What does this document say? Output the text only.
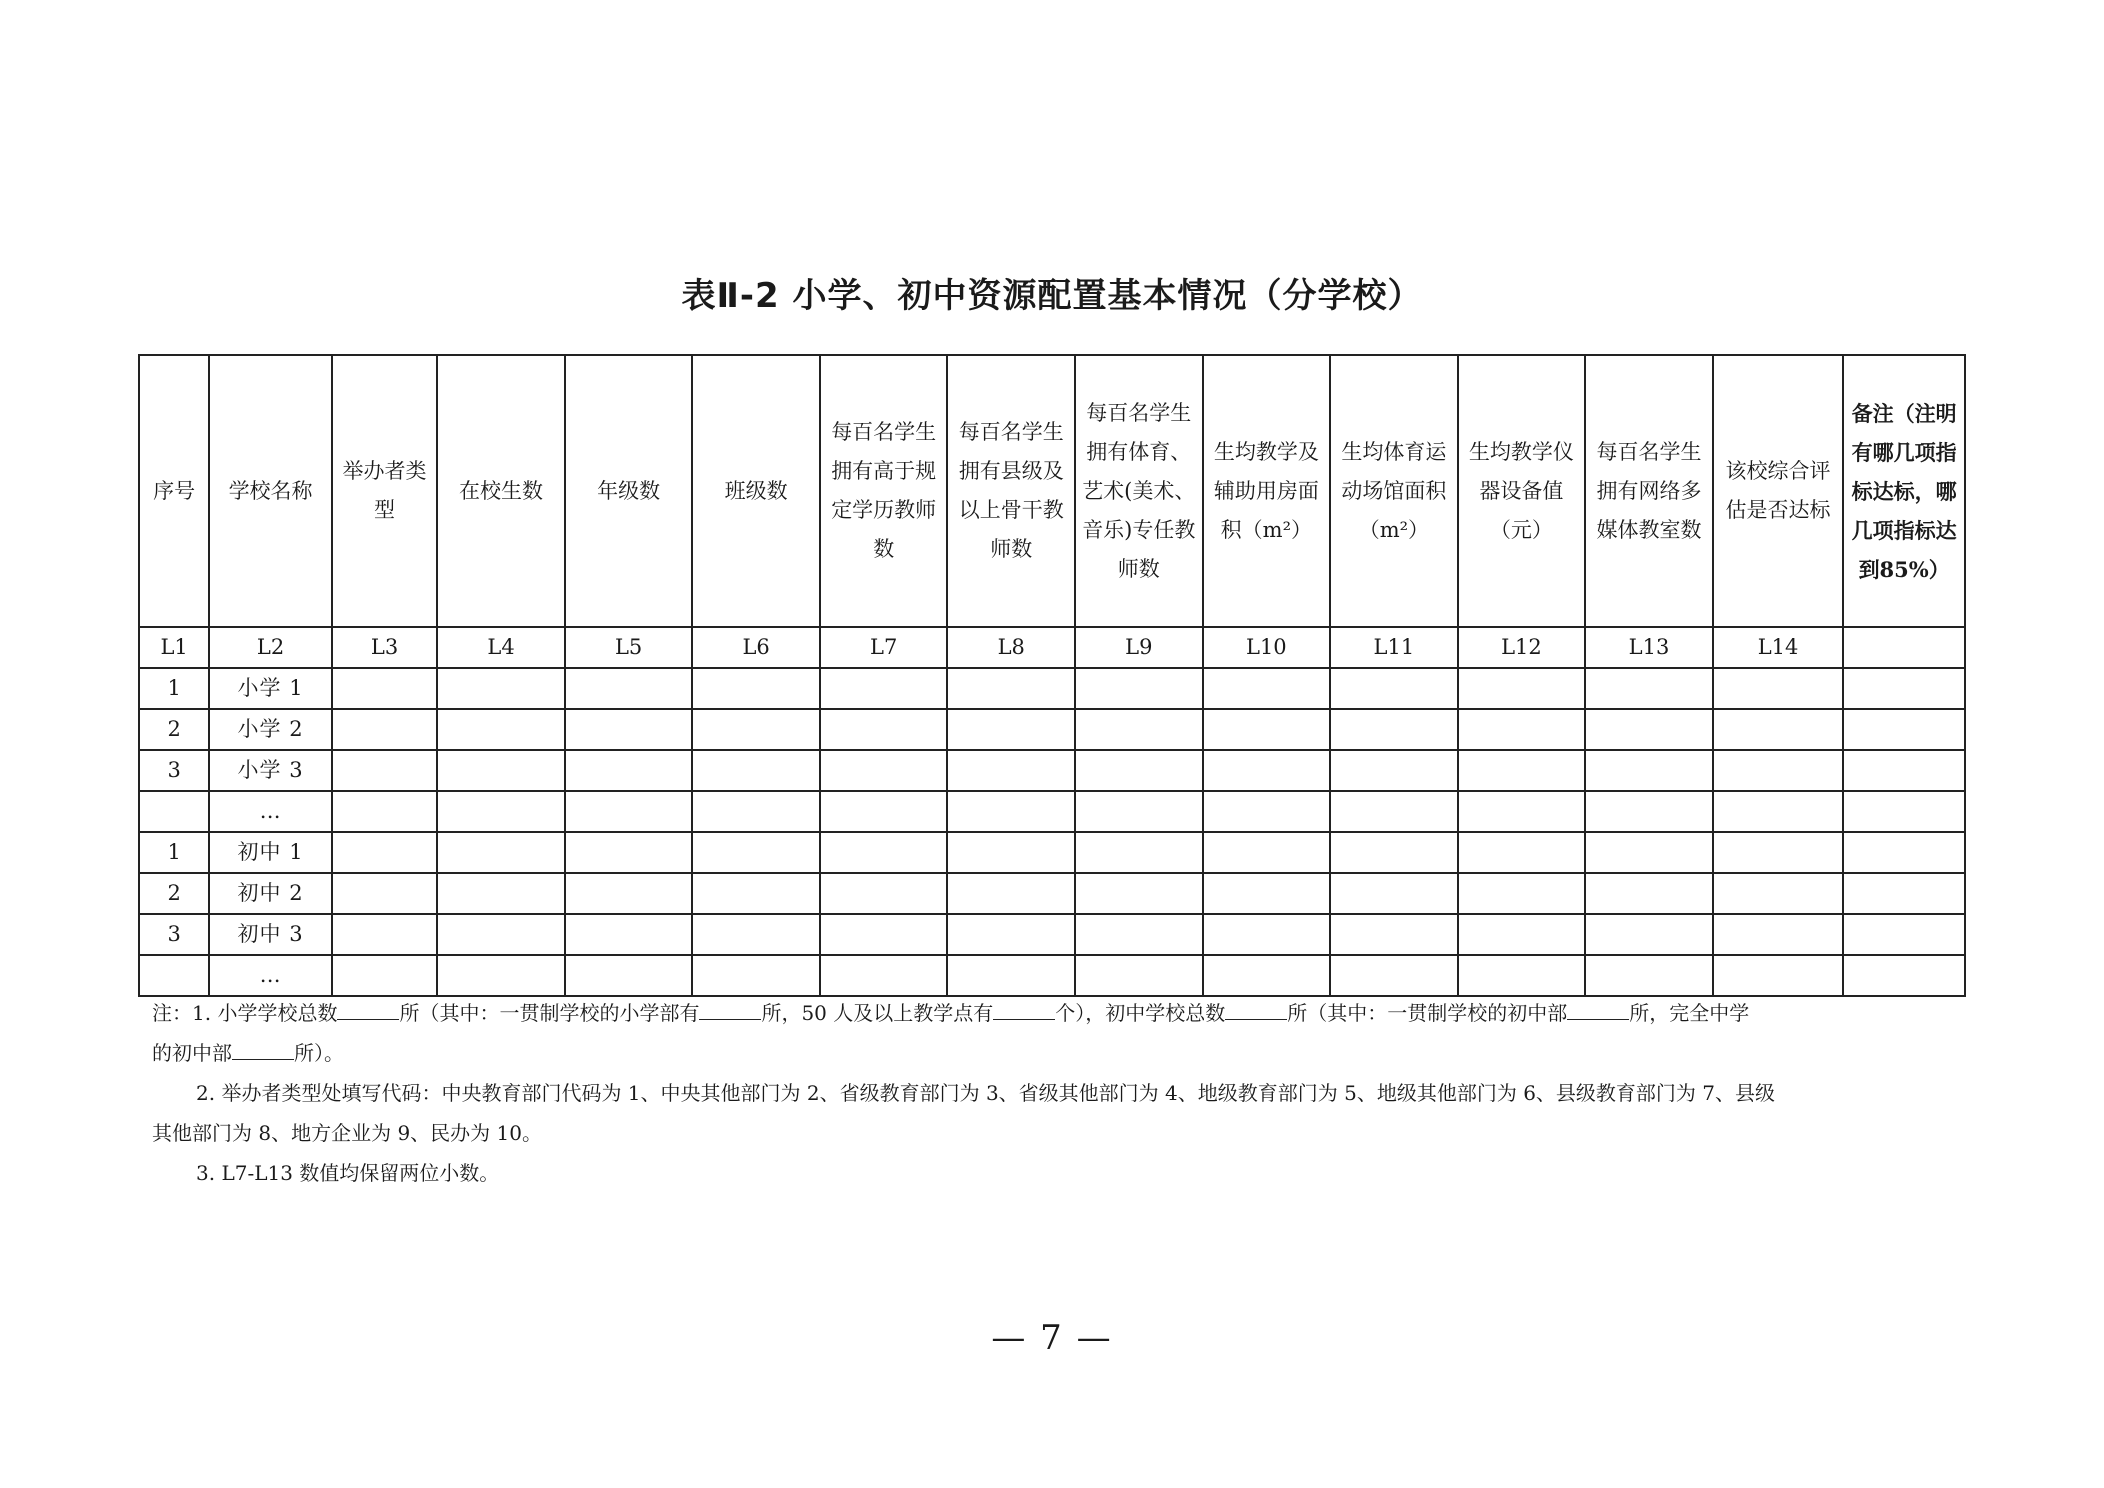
表Ⅱ-2 小学、初中资源配置基本情况（分学校）
序号	学校名称	举办者类型	在校生数	年级数	班级数	每百名学生拥有高于规定学历教师数	每百名学生拥有县级及以上骨干教师数	每百名学生拥有体育、艺术(美术、音乐)专任教师数	生均教学及辅助用房面积（m²）	生均体育运动场馆面积（m²）	生均教学仪器设备值（元）	每百名学生拥有网络多媒体教室数	该校综合评估是否达标	备注（注明有哪几项指标达标，哪几项指标达到85%）
L1	L2	L3	L4	L5	L6	L7	L8	L9	L10	L11	L12	L13	L14	
1	小学 1													
2	小学 2													
3	小学 3													
	…													
1	初中 1													
2	初中 2													
3	初中 3													
	…													
注：1. 小学学校总数	所（其中：一贯制学校的小学部有	所，50 人及以上教学点有	个），初中学校总数	所（其中：一贯制学校的初中部	所，完全中学
的初中部	所）。
2. 举办者类型处填写代码：中央教育部门代码为 1、中央其他部门为 2、省级教育部门为 3、省级其他部门为 4、地级教育部门为 5、地级其他部门为 6、县级教育部门为 7、县级
其他部门为 8、地方企业为 9、民办为 10。
3. L7-L13 数值均保留两位小数。
— 7 —
